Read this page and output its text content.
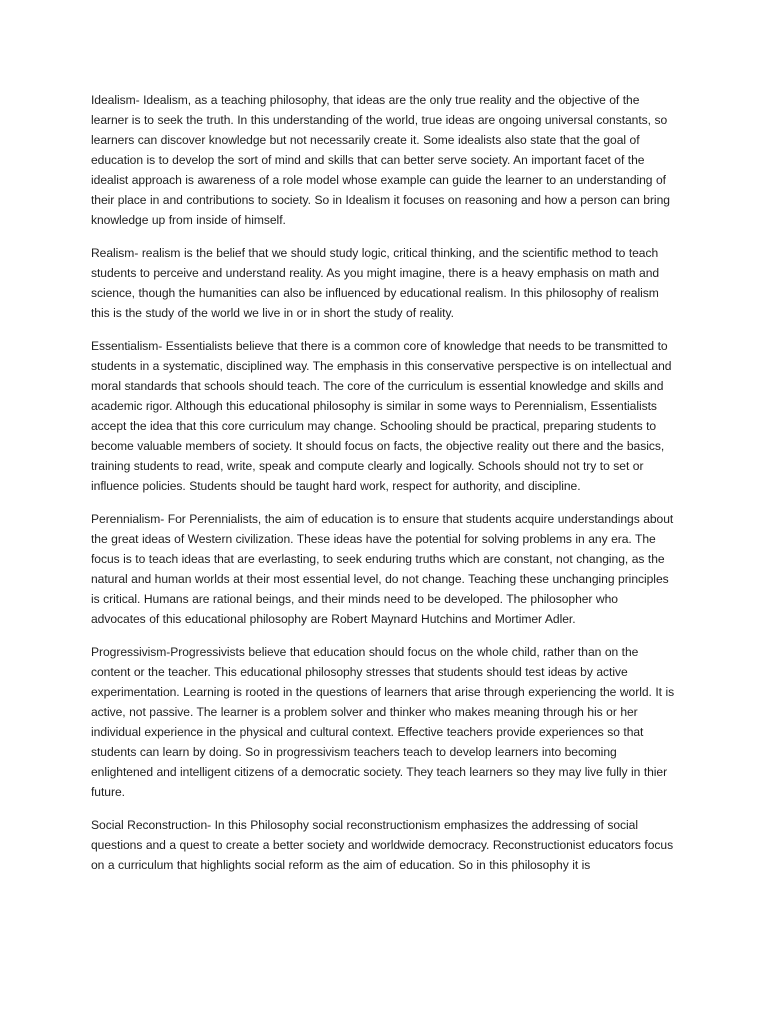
Idealism- Idealism, as a teaching philosophy, that ideas are the only true reality and the objective of the learner is to seek the truth. In this understanding of the world, true ideas are ongoing universal constants, so learners can discover knowledge but not necessarily create it. Some idealists also state that the goal of education is to develop the sort of mind and skills that can better serve society. An important facet of the idealist approach is awareness of a role model whose example can guide the learner to an understanding of their place in and contributions to society. So in Idealism it focuses on reasoning and how a person can bring knowledge up from inside of himself.

Realism- realism is the belief that we should study logic, critical thinking, and the scientific method to teach students to perceive and understand reality. As you might imagine, there is a heavy emphasis on math and science, though the humanities can also be influenced by educational realism. In this philosophy of realism this is the study of the world we live in or in short the study of reality.

Essentialism- Essentialists believe that there is a common core of knowledge that needs to be transmitted to students in a systematic, disciplined way. The emphasis in this conservative perspective is on intellectual and moral standards that schools should teach. The core of the curriculum is essential knowledge and skills and academic rigor. Although this educational philosophy is similar in some ways to Perennialism, Essentialists accept the idea that this core curriculum may change. Schooling should be practical, preparing students to become valuable members of society. It should focus on facts, the objective reality out there and the basics, training students to read, write, speak and compute clearly and logically. Schools should not try to set or influence policies. Students should be taught hard work, respect for authority, and discipline.

Perennialism- For Perennialists, the aim of education is to ensure that students acquire understandings about the great ideas of Western civilization. These ideas have the potential for solving problems in any era. The focus is to teach ideas that are everlasting, to seek enduring truths which are constant, not changing, as the natural and human worlds at their most essential level, do not change. Teaching these unchanging principles is critical. Humans are rational beings, and their minds need to be developed. The philosopher who advocates of this educational philosophy are Robert Maynard Hutchins and Mortimer Adler.

Progressivism-Progressivists believe that education should focus on the whole child, rather than on the content or the teacher. This educational philosophy stresses that students should test ideas by active experimentation. Learning is rooted in the questions of learners that arise through experiencing the world. It is active, not passive. The learner is a problem solver and thinker who makes meaning through his or her individual experience in the physical and cultural context. Effective teachers provide experiences so that students can learn by doing. So in progressivism teachers teach to develop learners into becoming enlightened and intelligent citizens of a democratic society. They teach learners so they may live fully in thier future.

Social Reconstruction- In this Philosophy social reconstructionism emphasizes the addressing of social questions and a quest to create a better society and worldwide democracy. Reconstructionist educators focus on a curriculum that highlights social reform as the aim of education. So in this philosophy it is
